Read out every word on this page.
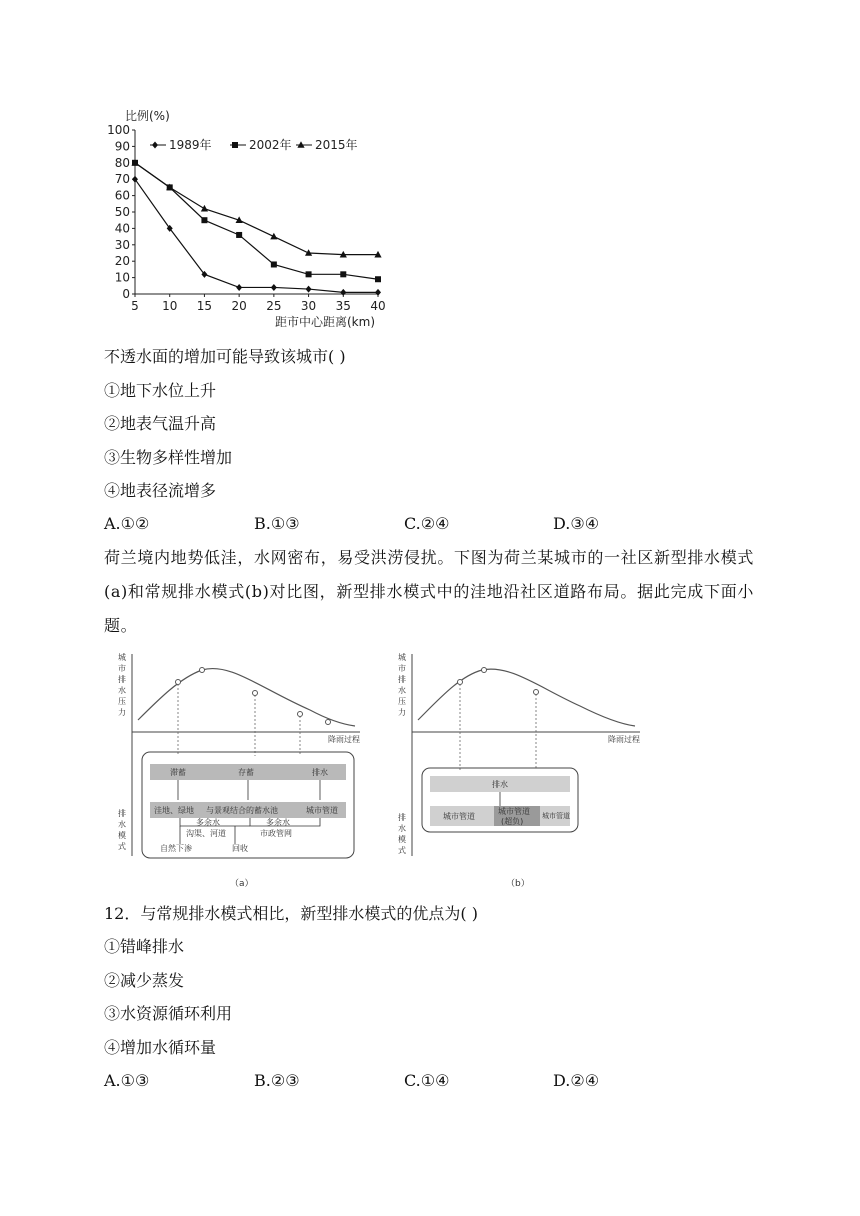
比例(%)
0
10
20
30
40
50
60
70
80
90
100
5 10 15 20 25 30 35 40
1989年	2002年 2015年
距市中心距离(km)
不透水面的增加可能导致该城市( )
①地下水位上升
②地表气温升高
③生物多样性增加
④地表径流增多
A.①②	B.①③	C.②④	D.③④
荷兰境内地势低洼，水网密布，易受洪涝侵扰。下图为荷兰某城市的一社区新型排水模式(a)和常规排水模式(b)对比图，新型排水模式中的洼地沿社区道路布局。据此完成下面小题。
城
市
排
水
压
力
降雨过程
滞蓄	存蓄	排水
洼地、绿地 与景观结合的蓄水池	城市管道
多余水	多余水
沟渠、河道	市政管网
自然下渗	回收
排
水
模
式
（a）
城
市
排
水
压
力
降雨过程
排水
城市管道
城市管道
(超负)
城市管道
排
水
模
式
（b）
12．与常规排水模式相比，新型排水模式的优点为( )
①错峰排水
②减少蒸发
③水资源循环利用
④增加水循环量
A.①③	B.②③	C.①④	D.②④
